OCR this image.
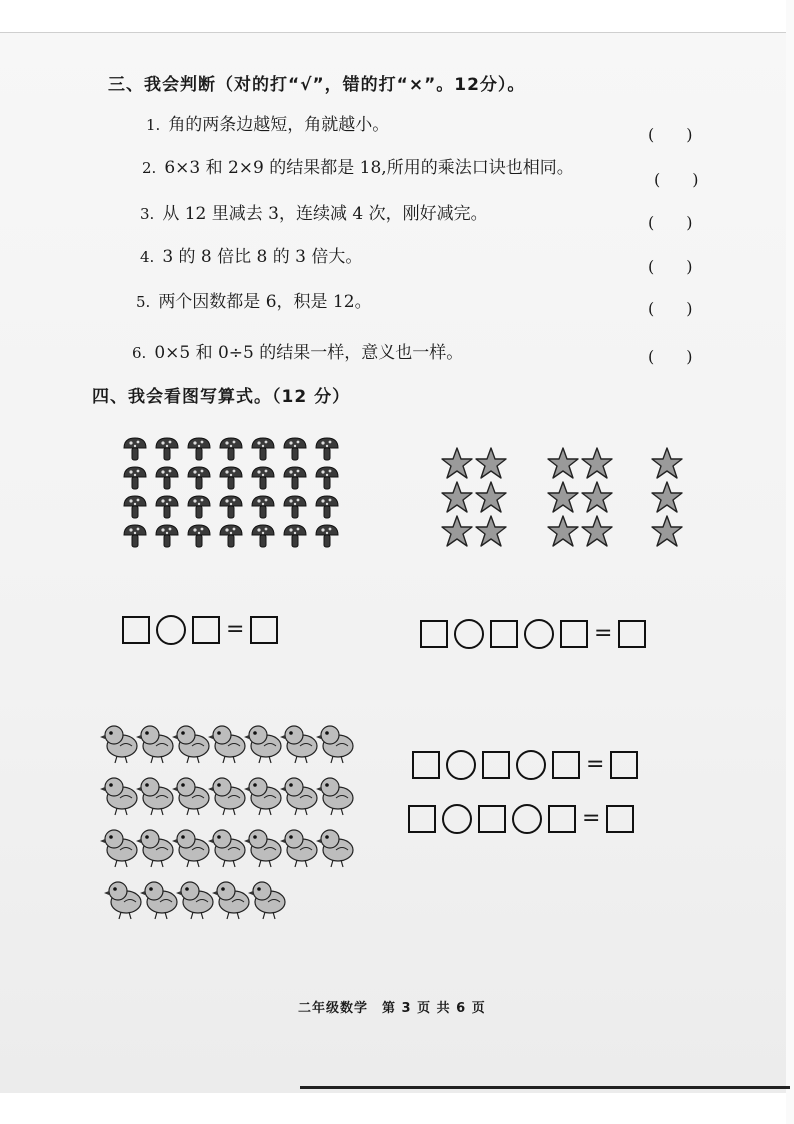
三、我会判断（对的打“√”，错的打“×”。12分）。
1. 角的两条边越短，角就越小。	(　　)
2. 6×3 和 2×9 的结果都是 18,所用的乘法口诀也相同。
(　　)
3. 从 12 里减去 3，连续减 4 次，刚好减完。	(　　)
4. 3 的 8 倍比 8 的 3 倍大。	(　　)
5. 两个因数都是 6，积是 12。	(　　)
6. 0×5 和 0÷5 的结果一样，意义也一样。	(　　)
四、我会看图写算式。（12 分）
=	=
=
=
二年级数学　第 3 页 共 6 页
